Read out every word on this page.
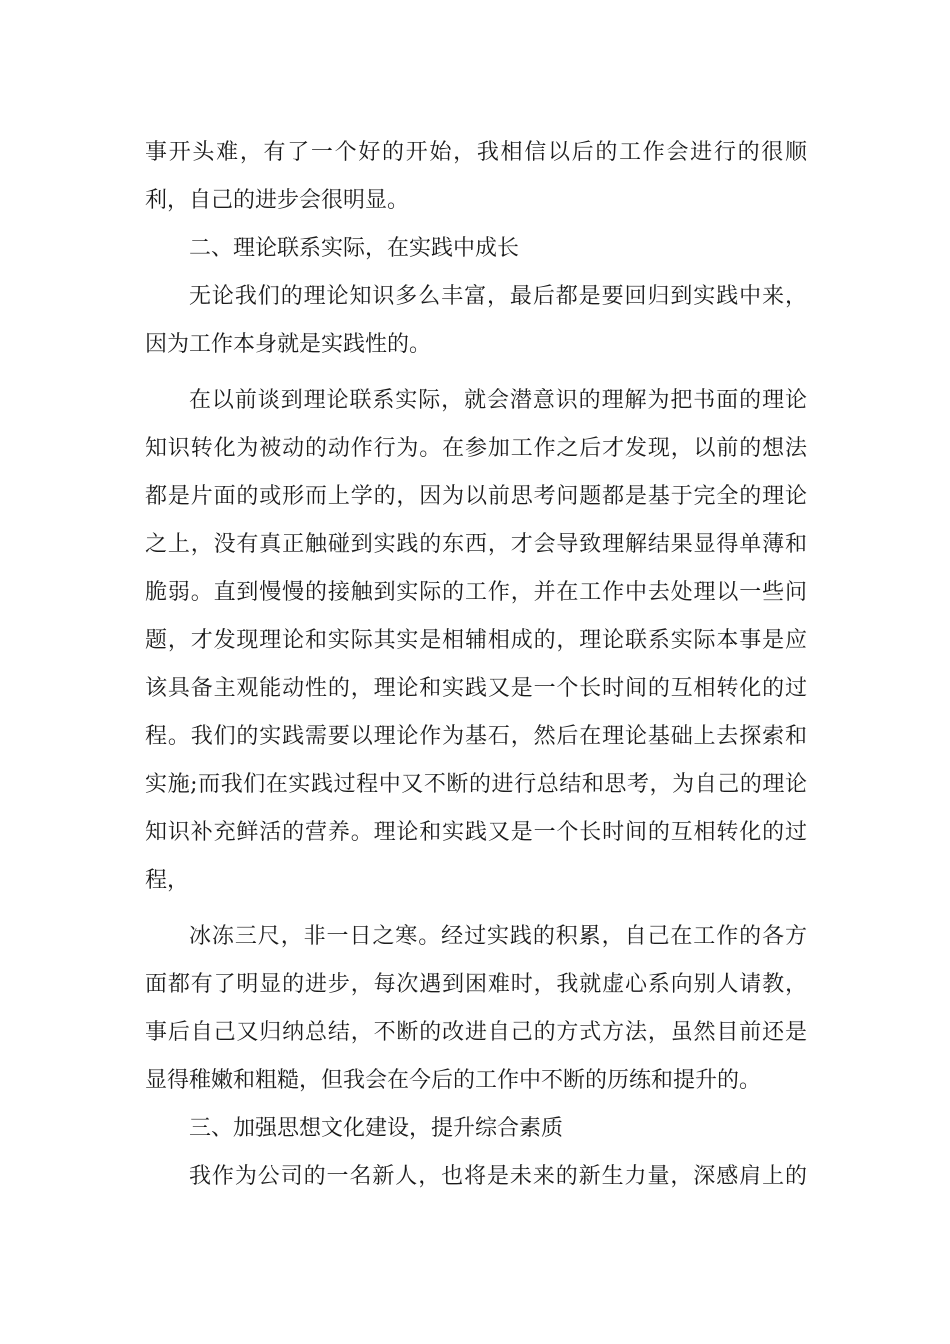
事开头难，有了一个好的开始，我相信以后的工作会进行的很顺
利，自己的进步会很明显。
二、理论联系实际，在实践中成长
无论我们的理论知识多么丰富，最后都是要回归到实践中来，
因为工作本身就是实践性的。
在以前谈到理论联系实际，就会潜意识的理解为把书面的理论
知识转化为被动的动作行为。在参加工作之后才发现，以前的想法
都是片面的或形而上学的，因为以前思考问题都是基于完全的理论
之上，没有真正触碰到实践的东西，才会导致理解结果显得单薄和
脆弱。直到慢慢的接触到实际的工作，并在工作中去处理以一些问
题，才发现理论和实际其实是相辅相成的，理论联系实际本事是应
该具备主观能动性的，理论和实践又是一个长时间的互相转化的过
程。我们的实践需要以理论作为基石，然后在理论基础上去探索和
实施;而我们在实践过程中又不断的进行总结和思考，为自己的理论
知识补充鲜活的营养。理论和实践又是一个长时间的互相转化的过
程，
冰冻三尺，非一日之寒。经过实践的积累，自己在工作的各方
面都有了明显的进步，每次遇到困难时，我就虚心系向别人请教，
事后自己又归纳总结，不断的改进自己的方式方法，虽然目前还是
显得稚嫩和粗糙，但我会在今后的工作中不断的历练和提升的。
三、加强思想文化建设，提升综合素质
我作为公司的一名新人，也将是未来的新生力量，深感肩上的
